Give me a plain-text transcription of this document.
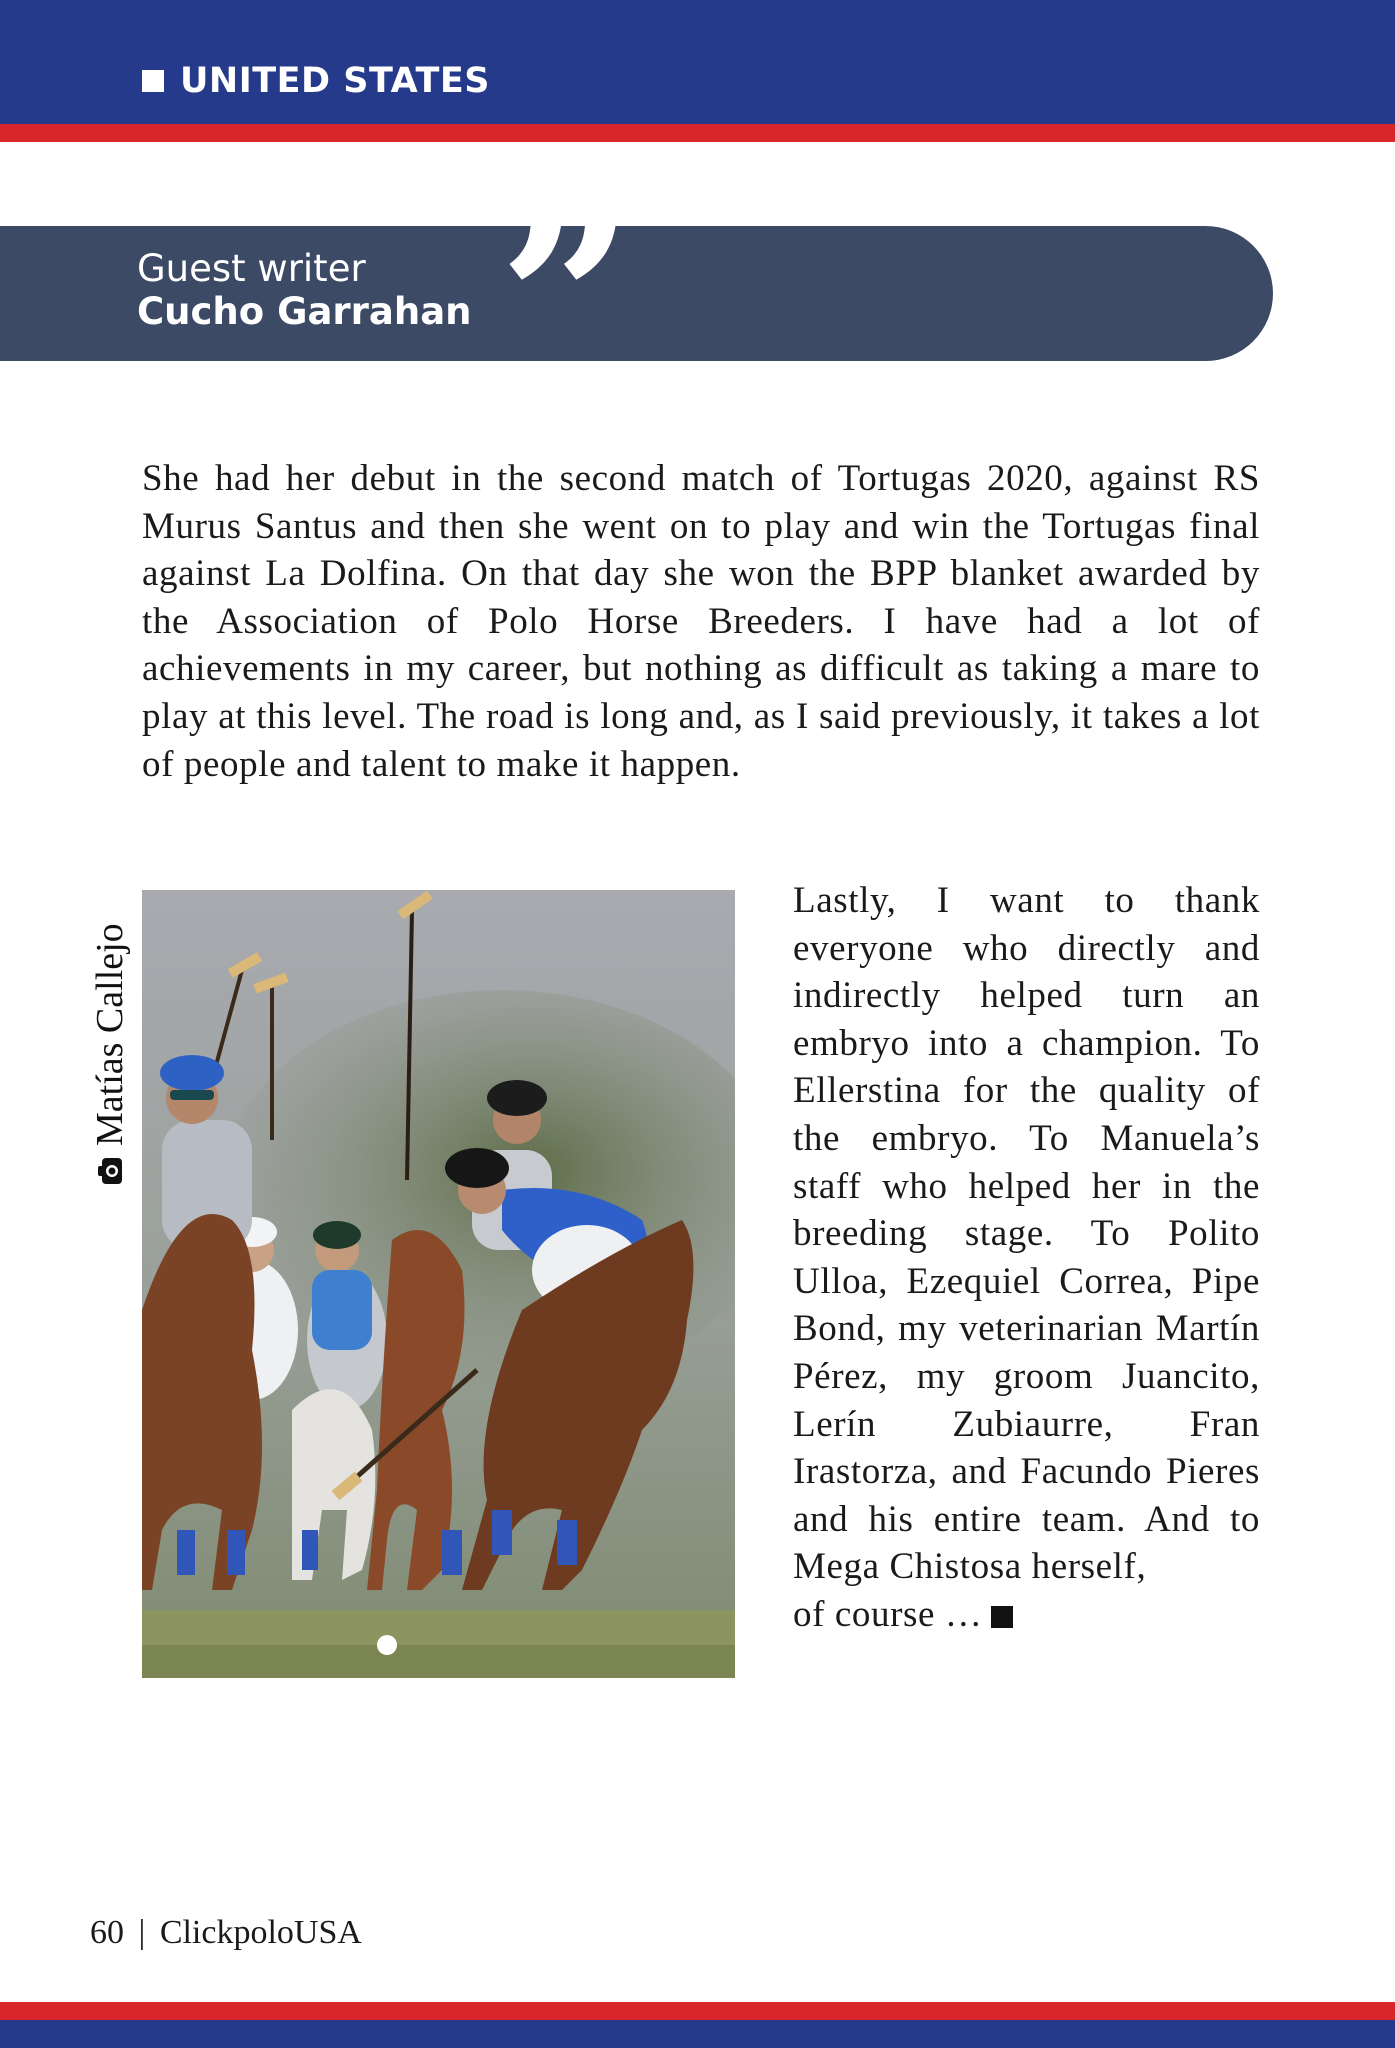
UNITED STATES
Guest writer
Cucho Garrahan ”

She had her debut in the second match of Tortugas 2020, against RS Murus Santus and then she went on to play and win the Tortugas final against La Dolfina. On that day she won the BPP blanket awarded by the Association of Polo Horse Breeders. I have had a lot of achievements in my career, but nothing as difficult as taking a mare to play at this level. The road is long and, as I said previously, it takes a lot of people and talent to make it happen.

Matías Callejo
Lastly, I want to thank everyone who directly and indirectly helped turn an embryo into a champion. To Ellerstina for the quality of the embryo. To Manuela’s staff who helped her in the breeding stage. To Polito Ulloa, Ezequiel Correa, Pipe Bond, my veterinarian Martín Pérez, my groom Juancito, Lerín Zubiaurre, Fran Irastorza, and Facundo Pieres and his entire team. And to Mega Chistosa herself,
of course …
60 | ClickpoloUSA
